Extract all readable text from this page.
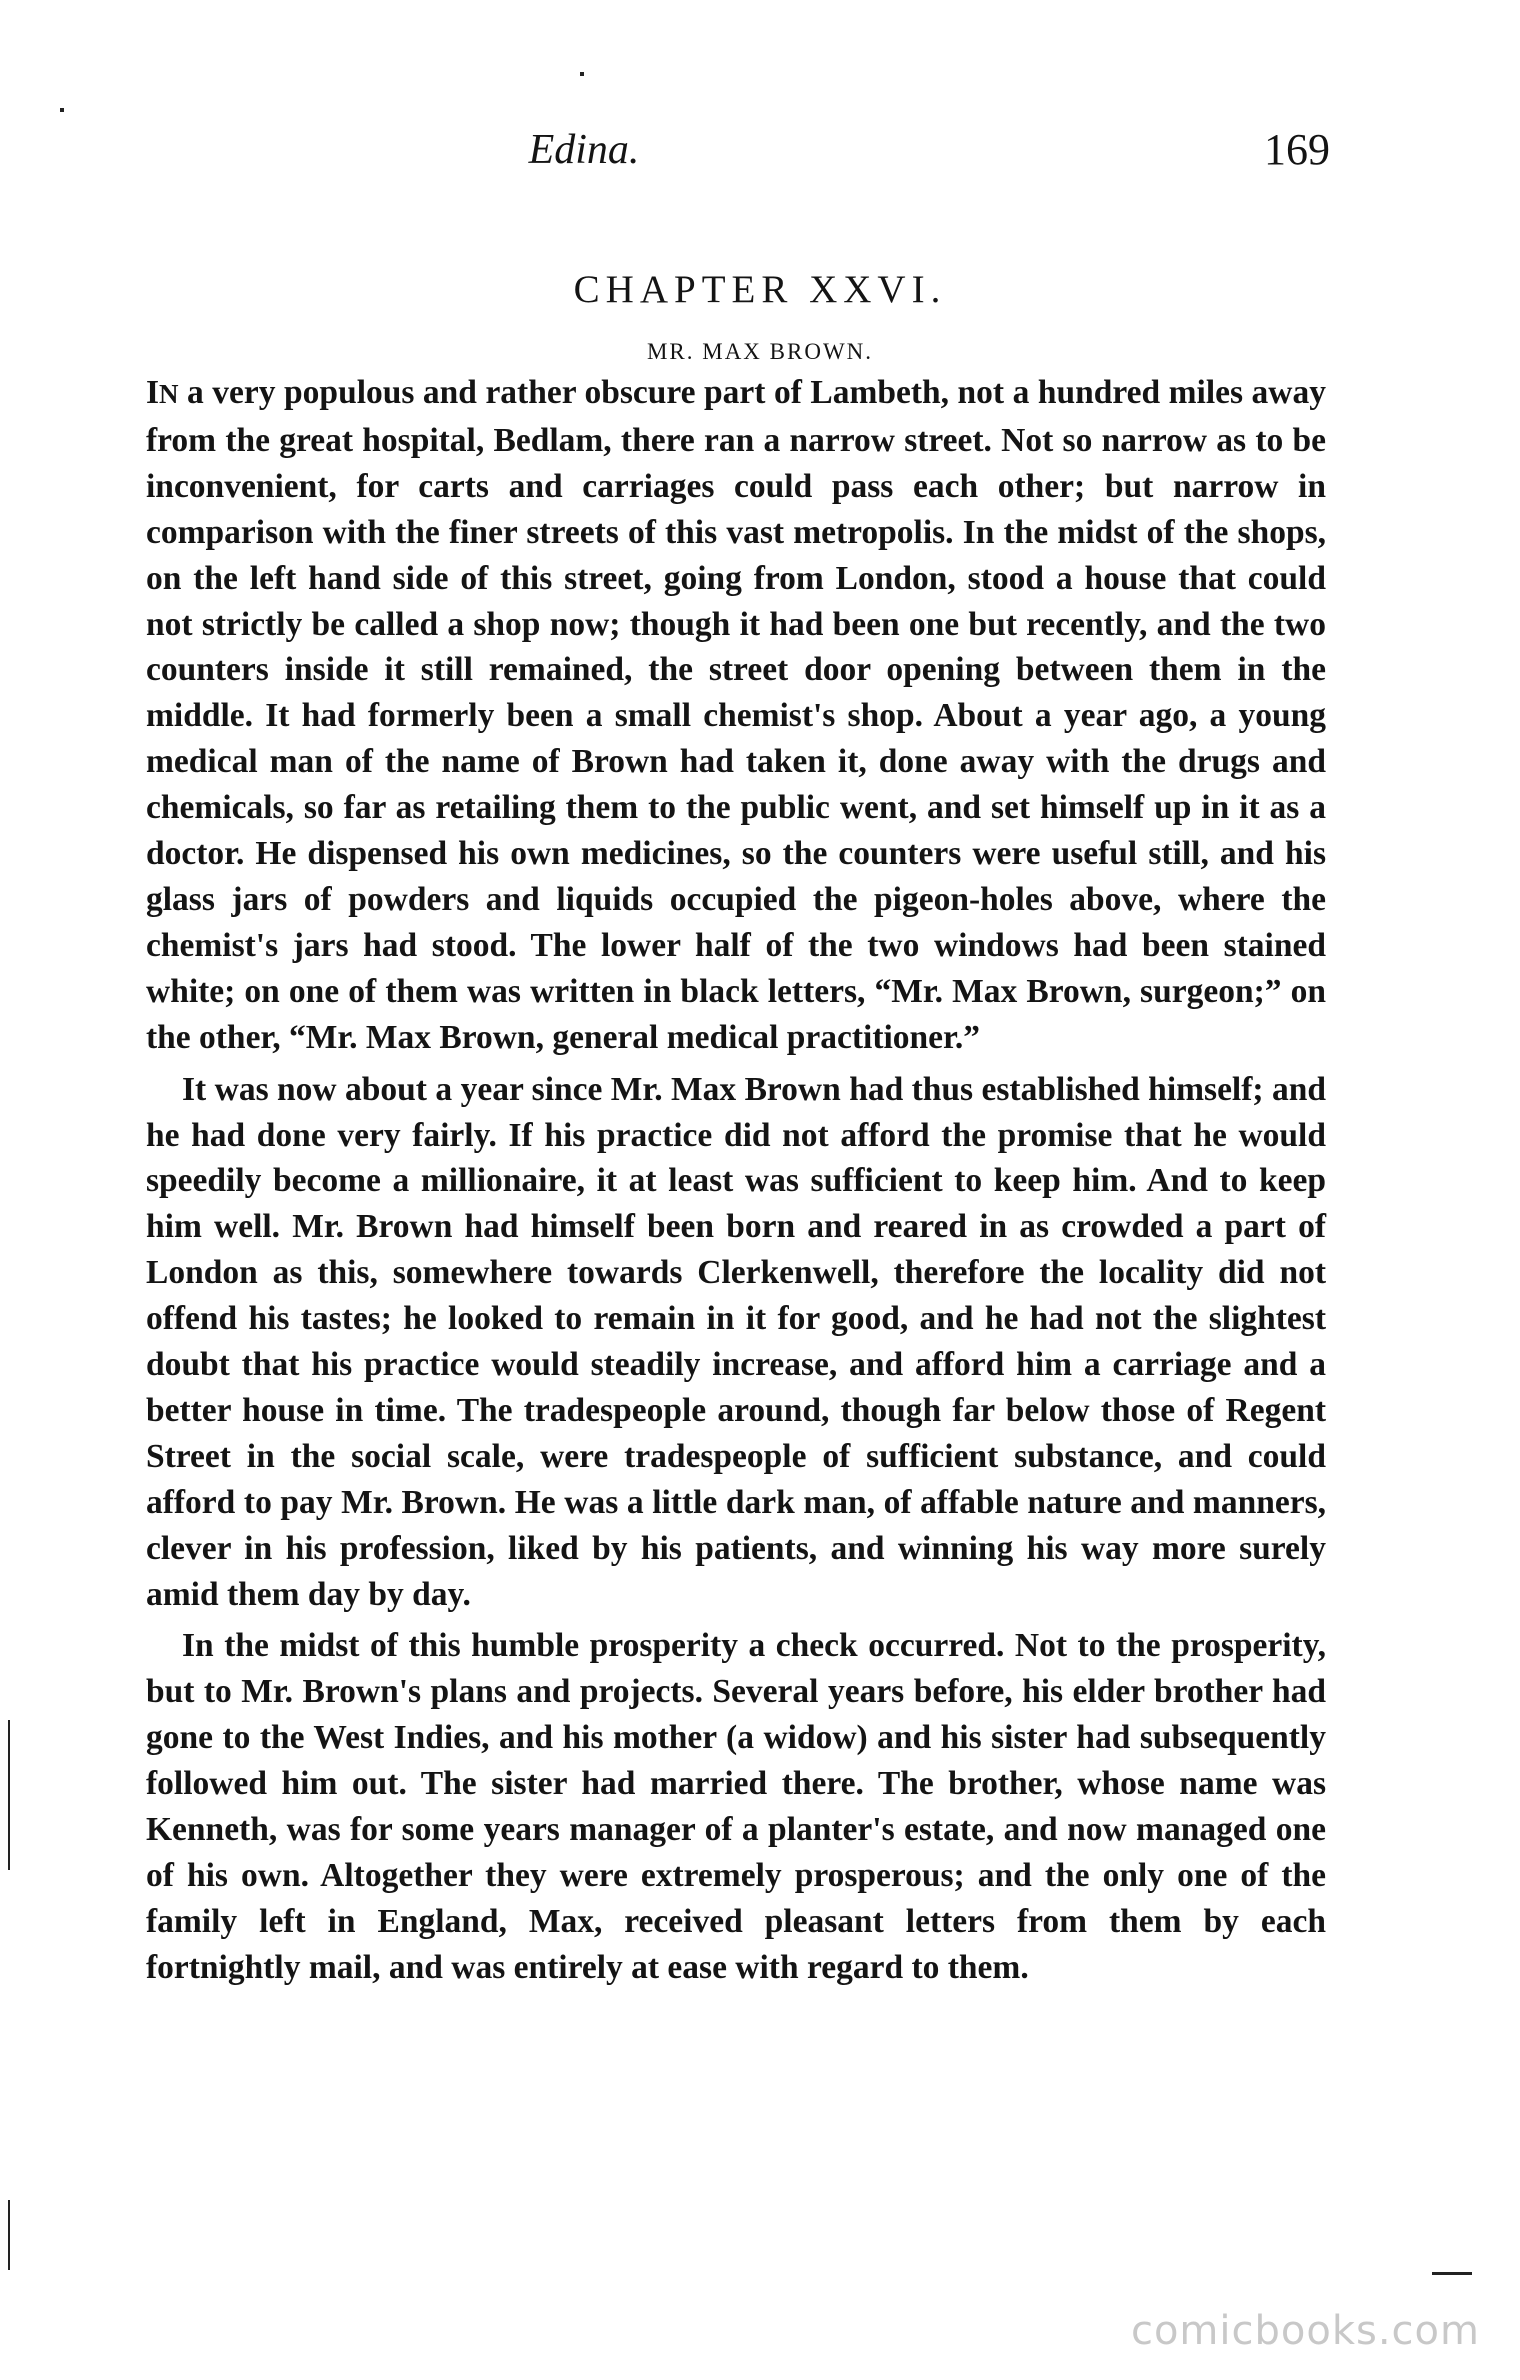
Edina.	169
CHAPTER XXVI.
MR. MAX BROWN.

IN a very populous and rather obscure part of Lambeth, not a hundred miles away from the great hospital, Bedlam, there ran a narrow street. Not so narrow as to be inconvenient, for carts and carriages could pass each other; but narrow in comparison with the finer streets of this vast metropolis. In the midst of the shops, on the left hand side of this street, going from London, stood a house that could not strictly be called a shop now; though it had been one but recently, and the two counters inside it still remained, the street door opening between them in the middle. It had formerly been a small chemist's shop. About a year ago, a young medical man of the name of Brown had taken it, done away with the drugs and chemicals, so far as retailing them to the public went, and set himself up in it as a doctor. He dispensed his own medicines, so the counters were useful still, and his glass jars of powders and liquids occupied the pigeon-holes above, where the chemist's jars had stood. The lower half of the two windows had been stained white; on one of them was written in black letters, “Mr. Max Brown, surgeon;” on the other, “Mr. Max Brown, general medical practitioner.”

It was now about a year since Mr. Max Brown had thus established himself; and he had done very fairly. If his practice did not afford the promise that he would speedily become a millionaire, it at least was sufficient to keep him. And to keep him well. Mr. Brown had himself been born and reared in as crowded a part of London as this, somewhere towards Clerkenwell, therefore the locality did not offend his tastes; he looked to remain in it for good, and he had not the slightest doubt that his practice would steadily increase, and afford him a carriage and a better house in time. The tradespeople around, though far below those of Regent Street in the social scale, were tradespeople of sufficient substance, and could afford to pay Mr. Brown. He was a little dark man, of affable nature and manners, clever in his profession, liked by his patients, and winning his way more surely amid them day by day.

In the midst of this humble prosperity a check occurred. Not to the prosperity, but to Mr. Brown's plans and projects. Several years before, his elder brother had gone to the West Indies, and his mother (a widow) and his sister had subsequently followed him out. The sister had married there. The brother, whose name was Kenneth, was for some years manager of a planter's estate, and now managed one of his own. Altogether they were extremely prosperous; and the only one of the family left in England, Max, received pleasant letters from them by each fortnightly mail, and was entirely at ease with regard to them.

comicbooks.com
